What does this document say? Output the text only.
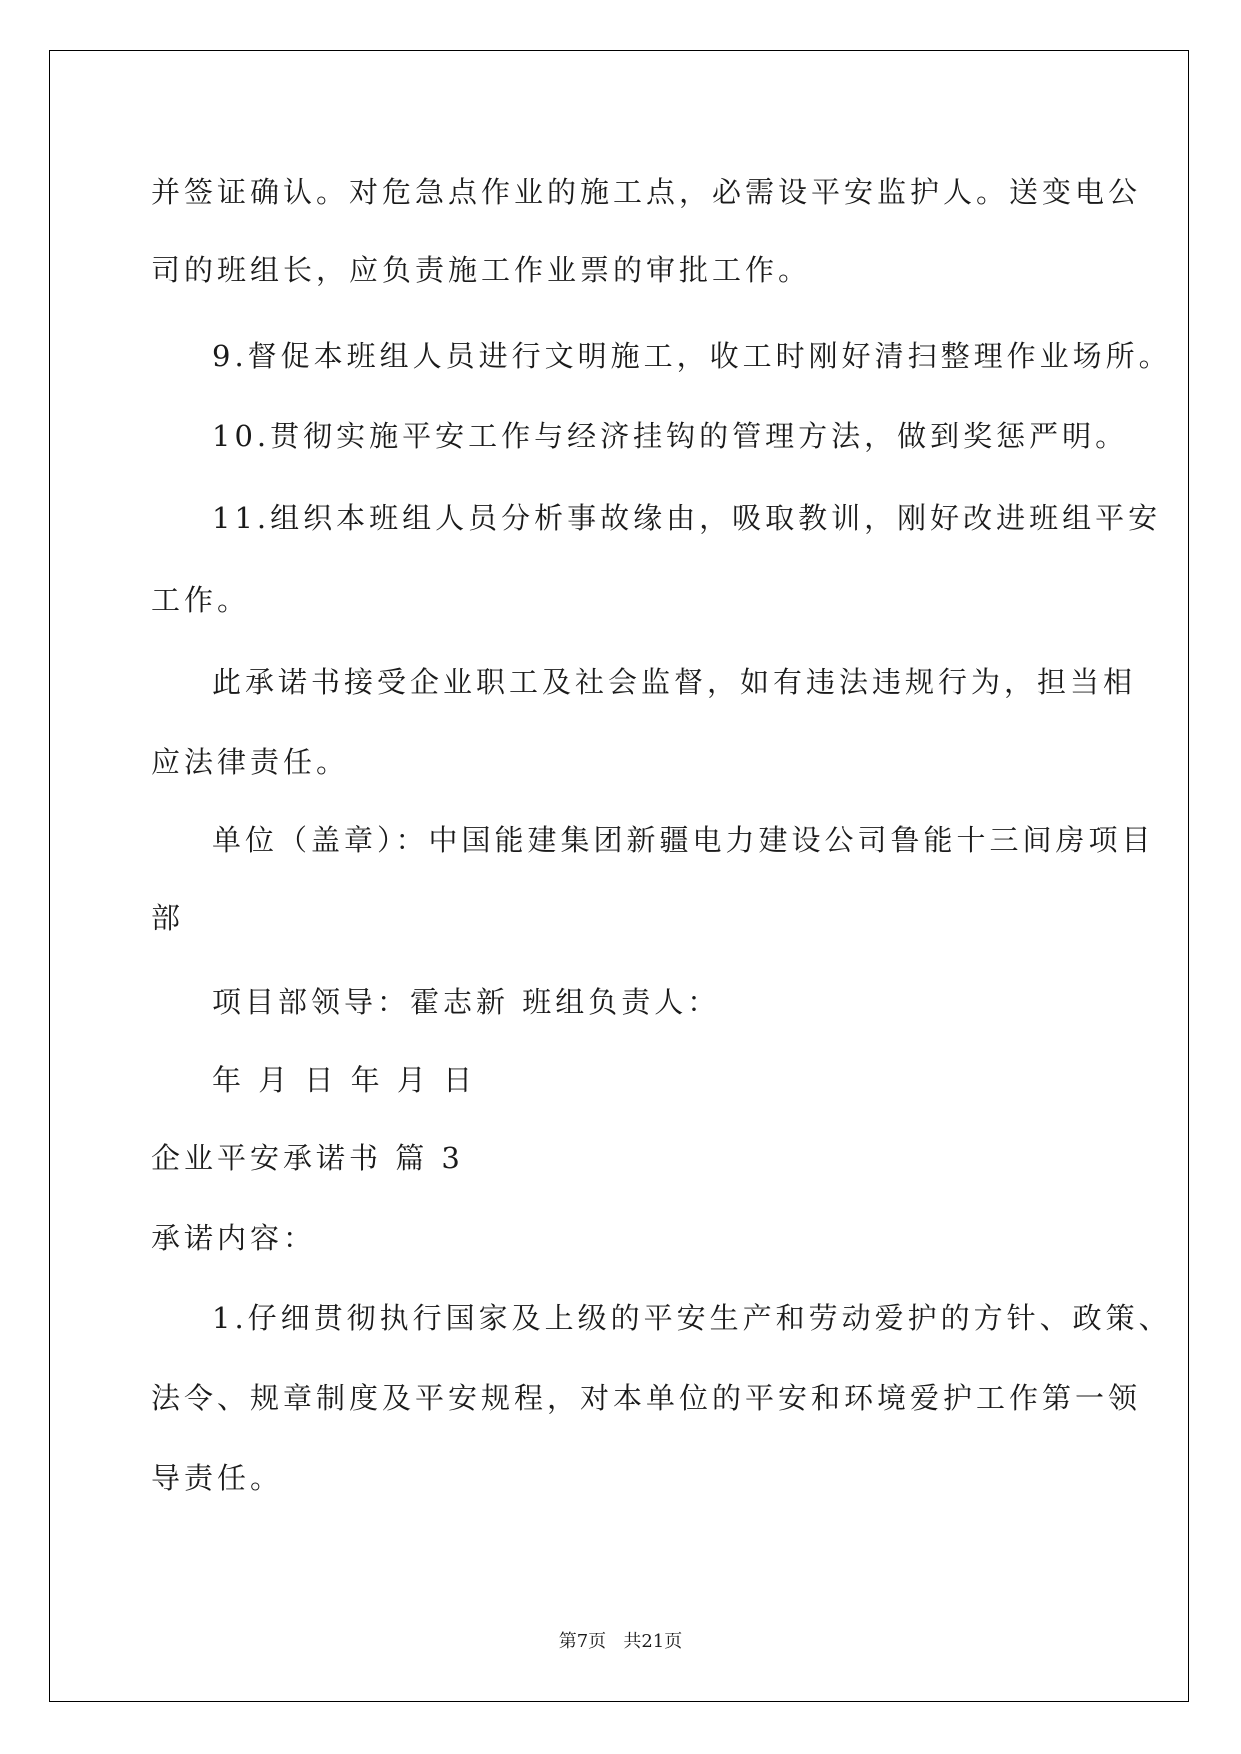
并签证确认。对危急点作业的施工点，必需设平安监护人。送变电公
司的班组长，应负责施工作业票的审批工作。
9.督促本班组人员进行文明施工，收工时刚好清扫整理作业场所。
10.贯彻实施平安工作与经济挂钩的管理方法，做到奖惩严明。
11.组织本班组人员分析事故缘由，吸取教训，刚好改进班组平安
工作。
此承诺书接受企业职工及社会监督，如有违法违规行为，担当相
应法律责任。
单位（盖章）：中国能建集团新疆电力建设公司鲁能十三间房项目
部
项目部领导：霍志新 班组负责人：
年 月 日 年 月 日
企业平安承诺书 篇 3
承诺内容：
1.仔细贯彻执行国家及上级的平安生产和劳动爱护的方针、政策、
法令、规章制度及平安规程，对本单位的平安和环境爱护工作第一领
导责任。
第7页   共21页
